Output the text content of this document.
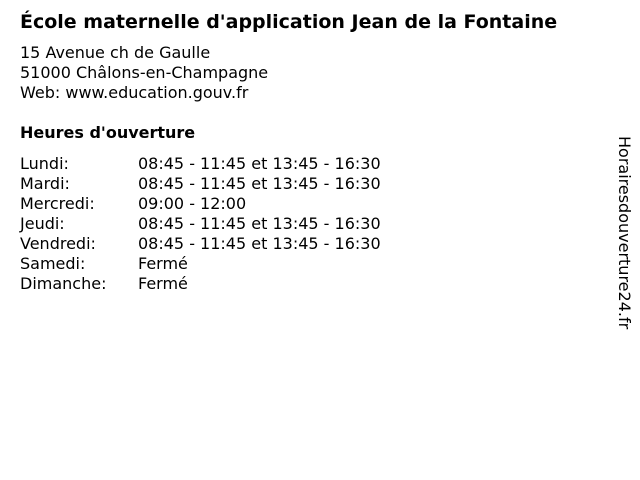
École maternelle d'application Jean de la Fontaine
15 Avenue ch de Gaulle
51000 Châlons-en-Champagne
Web: www.education.gouv.fr
Heures d'ouverture
Lundi:	08:45 - 11:45 et 13:45 - 16:30
Mardi:	08:45 - 11:45 et 13:45 - 16:30
Mercredi:	09:00 - 12:00
Jeudi:	08:45 - 11:45 et 13:45 - 16:30
Vendredi:	08:45 - 11:45 et 13:45 - 16:30
Samedi:	Fermé
Dimanche:	Fermé	Horairesdouverture24.fr
